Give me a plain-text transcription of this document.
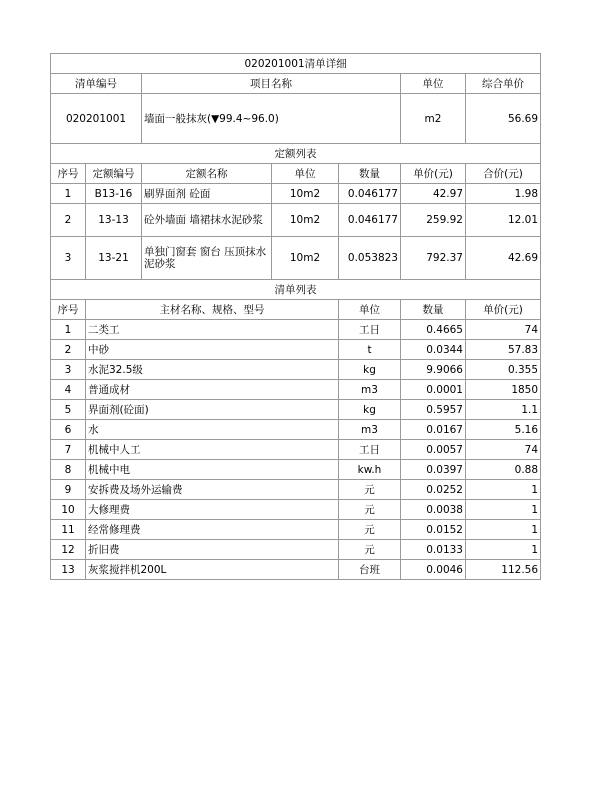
020201001清单详细							
清单编号		项目名称			单位	综合单价	
020201001		墙面一般抹灰(▼99.4~96.0)			m2	56.69	
定额列表							
序号	定额编号	定额名称	单位	数量	单价(元)	合价(元)	
1	B13-16	刷界面剂 砼面	10m2	0.046177	42.97	1.98	
2	13-13	砼外墙面 墙裙抹水泥砂浆	10m2	0.046177	259.92	12.01	
3	13-21	单独门窗套 窗台 压顶抹水泥砂浆	10m2	0.053823	792.37	42.69	
清单列表							
序号	主材名称、规格、型号			单位	数量	单价(元)	
1	二类工			工日	0.4665	74	
2	中砂			t	0.0344	57.83	
3	水泥32.5级			kg	9.9066	0.355	
4	普通成材			m3	0.0001	1850	
5	界面剂(砼面)			kg	0.5957	1.1	
6	水			m3	0.0167	5.16	
7	机械中人工			工日	0.0057	74	
8	机械中电			kw.h	0.0397	0.88	
9	安拆费及场外运输费			元	0.0252	1	
10	大修理费			元	0.0038	1	
11	经常修理费			元	0.0152	1	
12	折旧费			元	0.0133	1	
13	灰浆搅拌机200L			台班	0.0046	112.56	
